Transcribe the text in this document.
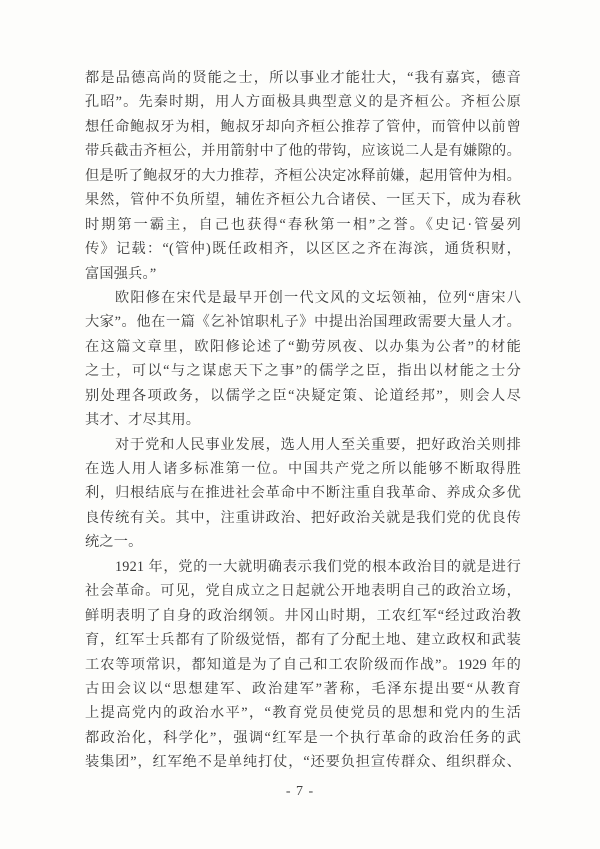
都是品德高尚的贤能之士，所以事业才能壮大，“我有嘉宾，德音
孔昭”。先秦时期，用人方面极具典型意义的是齐桓公。齐桓公原
想任命鲍叔牙为相，鲍叔牙却向齐桓公推荐了管仲，而管仲以前曾
带兵截击齐桓公，并用箭射中了他的带钩，应该说二人是有嫌隙的。
但是听了鲍叔牙的大力推荐，齐桓公决定冰释前嫌，起用管仲为相。
果然，管仲不负所望，辅佐齐桓公九合诸侯、一匡天下，成为春秋
时期第一霸主，自己也获得“春秋第一相”之誉。《史记·管晏列
传》记载：“(管仲)既任政相齐，以区区之齐在海滨，通货积财，
富国强兵。”
欧阳修在宋代是最早开创一代文风的文坛领袖，位列“唐宋八
大家”。他在一篇《乞补馆职札子》中提出治国理政需要大量人才。
在这篇文章里，欧阳修论述了“勤劳夙夜、以办集为公者”的材能
之士，可以“与之谋虑天下之事”的儒学之臣，指出以材能之士分
别处理各项政务，以儒学之臣“决疑定策、论道经邦”，则会人尽
其才、才尽其用。
对于党和人民事业发展，选人用人至关重要，把好政治关则排
在选人用人诸多标准第一位。中国共产党之所以能够不断取得胜
利，归根结底与在推进社会革命中不断注重自我革命、养成众多优
良传统有关。其中，注重讲政治、把好政治关就是我们党的优良传
统之一。
1921 年，党的一大就明确表示我们党的根本政治目的就是进行
社会革命。可见，党自成立之日起就公开地表明自己的政治立场，
鲜明表明了自身的政治纲领。井冈山时期，工农红军“经过政治教
育，红军士兵都有了阶级觉悟，都有了分配土地、建立政权和武装
工农等项常识，都知道是为了自己和工农阶级而作战”。1929 年的
古田会议以“思想建军、政治建军”著称，毛泽东提出要“从教育
上提高党内的政治水平”，“教育党员使党员的思想和党内的生活
都政治化，科学化”，强调“红军是一个执行革命的政治任务的武
装集团”，红军绝不是单纯打仗，“还要负担宣传群众、组织群众、
- 7 -
